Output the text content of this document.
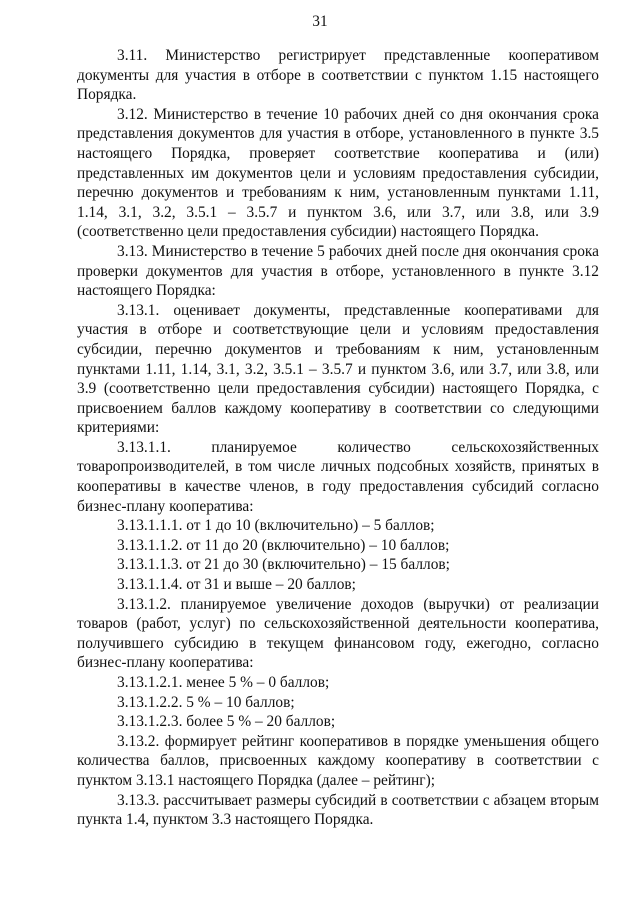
31

3.11. Министерство регистрирует представленные кооперативом документы для участия в отборе в соответствии с пунктом 1.15 настоящего Порядка.

3.12. Министерство в течение 10 рабочих дней со дня окончания срока представления документов для участия в отборе, установленного в пункте 3.5 настоящего Порядка, проверяет соответствие кооператива и (или) представленных им документов цели и условиям предоставления субсидии, перечню документов и требованиям к ним, установленным пунктами 1.11, 1.14, 3.1, 3.2, 3.5.1 – 3.5.7 и пунктом 3.6, или 3.7, или 3.8, или 3.9 (соответственно цели предоставления субсидии) настоящего Порядка.

3.13. Министерство в течение 5 рабочих дней после дня окончания срока проверки документов для участия в отборе, установленного в пункте 3.12 настоящего Порядка:

3.13.1. оценивает документы, представленные кооперативами для участия в отборе и соответствующие цели и условиям предоставления субсидии, перечню документов и требованиям к ним, установленным пунктами 1.11, 1.14, 3.1, 3.2, 3.5.1 – 3.5.7 и пунктом 3.6, или 3.7, или 3.8, или 3.9 (соответственно цели предоставления субсидии) настоящего Порядка, с присвоением баллов каждому кооперативу в соответствии со следующими критериями:

3.13.1.1. планируемое количество сельскохозяйственных товаропроизводителей, в том числе личных подсобных хозяйств, принятых в кооперативы в качестве членов, в году предоставления субсидий согласно бизнес-плану кооператива:

3.13.1.1.1. от 1 до 10 (включительно) – 5 баллов;

3.13.1.1.2. от 11 до 20 (включительно) – 10 баллов;

3.13.1.1.3. от 21 до 30 (включительно) – 15 баллов;

3.13.1.1.4. от 31 и выше – 20 баллов;

3.13.1.2. планируемое увеличение доходов (выручки) от реализации товаров (работ, услуг) по сельскохозяйственной деятельности кооператива, получившего субсидию в текущем финансовом году, ежегодно, согласно бизнес-плану кооператива:

3.13.1.2.1. менее 5 % – 0 баллов;

3.13.1.2.2. 5 % – 10 баллов;

3.13.1.2.3. более 5 % – 20 баллов;

3.13.2. формирует рейтинг кооперативов в порядке уменьшения общего количества баллов, присвоенных каждому кооперативу в соответствии с пунктом 3.13.1 настоящего Порядка (далее – рейтинг);

3.13.3. рассчитывает размеры субсидий в соответствии с абзацем вторым пункта 1.4, пунктом 3.3 настоящего Порядка.
